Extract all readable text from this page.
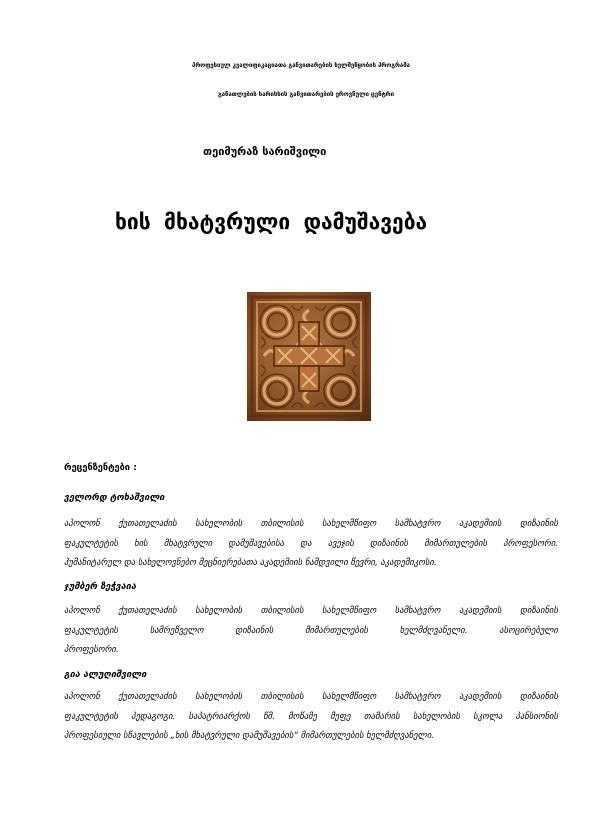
პროფესიულ კვალიფიკაციათა განვითარების ხელშეწყობის პროგრამა
განათლების ხარისხის განვითარების ეროვნული ცენტრი
თეიმურაზ სარიშვილი
ხის მხატვრული დამუშავება
რეცენზენტები :
ველორდ ტოხაშვილი
აპოლონ ქუთათელაძის სახელობის თბილისის სახელმწიფო სამხატვრო აკადემიის დიზაინის
ფაკულტეტის ხის მხატვრული დამუშავებისა და ავეჯის დიზაინის მიმართულების პროფესორი.
ჰუმანიტარულ და სახელოვნებო მეცნიერებათა აკადემიის ნამდვილი წევრი, აკადემიკოსი.
ჯუმბერ ზეჭვაია
აპოლონ ქუთათელაძის სახელობის თბილისის სახელმწიფო სამხატვრო აკადემიის დიზაინის
ფაკულტეტის სამრეწველო დიზაინის მიმართულების ხელმძღვანელი. ასოცირებული
პროფესორი.
გია ალუღიშვილი
აპოლონ ქუთათელაძის სახელობის თბილისის სახელმწიფო სამხატვრო აკადემიის დიზაინის
ფაკულტეტის პედაგოგი. საპატრიარქოს წმ. მოწამე მეფე თამარის სახელობის სკოლა პანსიონის
პროფესიული სწავლების „ხის მხატვრული დამუშავების“ მიმართულების ხელმძღვანელი.
